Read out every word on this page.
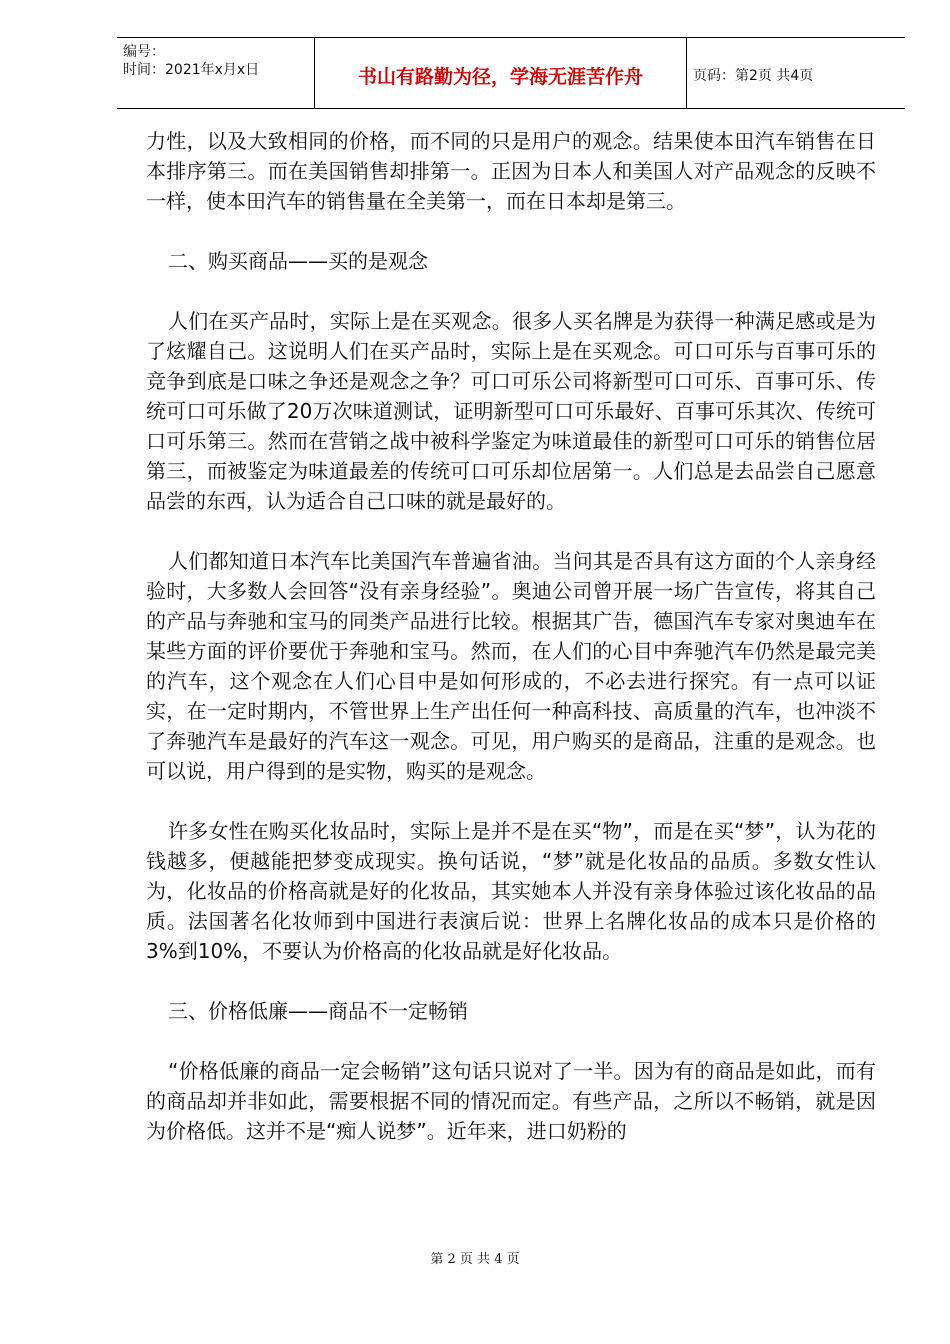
编号：
时间：2021年x月x日	书山有路勤为径，学海无涯苦作舟	页码：第2页 共4页

力性，以及大致相同的价格，而不同的只是用户的观念。结果使本田汽车销售在日本排序第三。而在美国销售却排第一。正因为日本人和美国人对产品观念的反映不一样，使本田汽车的销售量在全美第一，而在日本却是第三。

二、购买商品——买的是观念

人们在买产品时，实际上是在买观念。很多人买名牌是为获得一种满足感或是为了炫耀自己。这说明人们在买产品时，实际上是在买观念。可口可乐与百事可乐的竞争到底是口味之争还是观念之争？可口可乐公司将新型可口可乐、百事可乐、传统可口可乐做了20万次味道测试，证明新型可口可乐最好、百事可乐其次、传统可口可乐第三。然而在营销之战中被科学鉴定为味道最佳的新型可口可乐的销售位居第三，而被鉴定为味道最差的传统可口可乐却位居第一。人们总是去品尝自己愿意品尝的东西，认为适合自己口味的就是最好的。

人们都知道日本汽车比美国汽车普遍省油。当问其是否具有这方面的个人亲身经验时，大多数人会回答“没有亲身经验”。奥迪公司曾开展一场广告宣传，将其自己的产品与奔驰和宝马的同类产品进行比较。根据其广告，德国汽车专家对奥迪车在某些方面的评价要优于奔驰和宝马。然而，在人们的心目中奔驰汽车仍然是最完美的汽车，这个观念在人们心目中是如何形成的，不必去进行探究。有一点可以证实，在一定时期内，不管世界上生产出任何一种高科技、高质量的汽车，也冲淡不了奔驰汽车是最好的汽车这一观念。可见，用户购买的是商品，注重的是观念。也可以说，用户得到的是实物，购买的是观念。

许多女性在购买化妆品时，实际上是并不是在买“物”，而是在买“梦”，认为花的钱越多，便越能把梦变成现实。换句话说，“梦”就是化妆品的品质。多数女性认为，化妆品的价格高就是好的化妆品，其实她本人并没有亲身体验过该化妆品的品质。法国著名化妆师到中国进行表演后说：世界上名牌化妆品的成本只是价格的3%到10%，不要认为价格高的化妆品就是好化妆品。

三、价格低廉——商品不一定畅销

“价格低廉的商品一定会畅销”这句话只说对了一半。因为有的商品是如此，而有的商品却并非如此，需要根据不同的情况而定。有些产品，之所以不畅销，就是因为价格低。这并不是“痴人说梦”。近年来，进口奶粉的

第 2 页 共 4 页
